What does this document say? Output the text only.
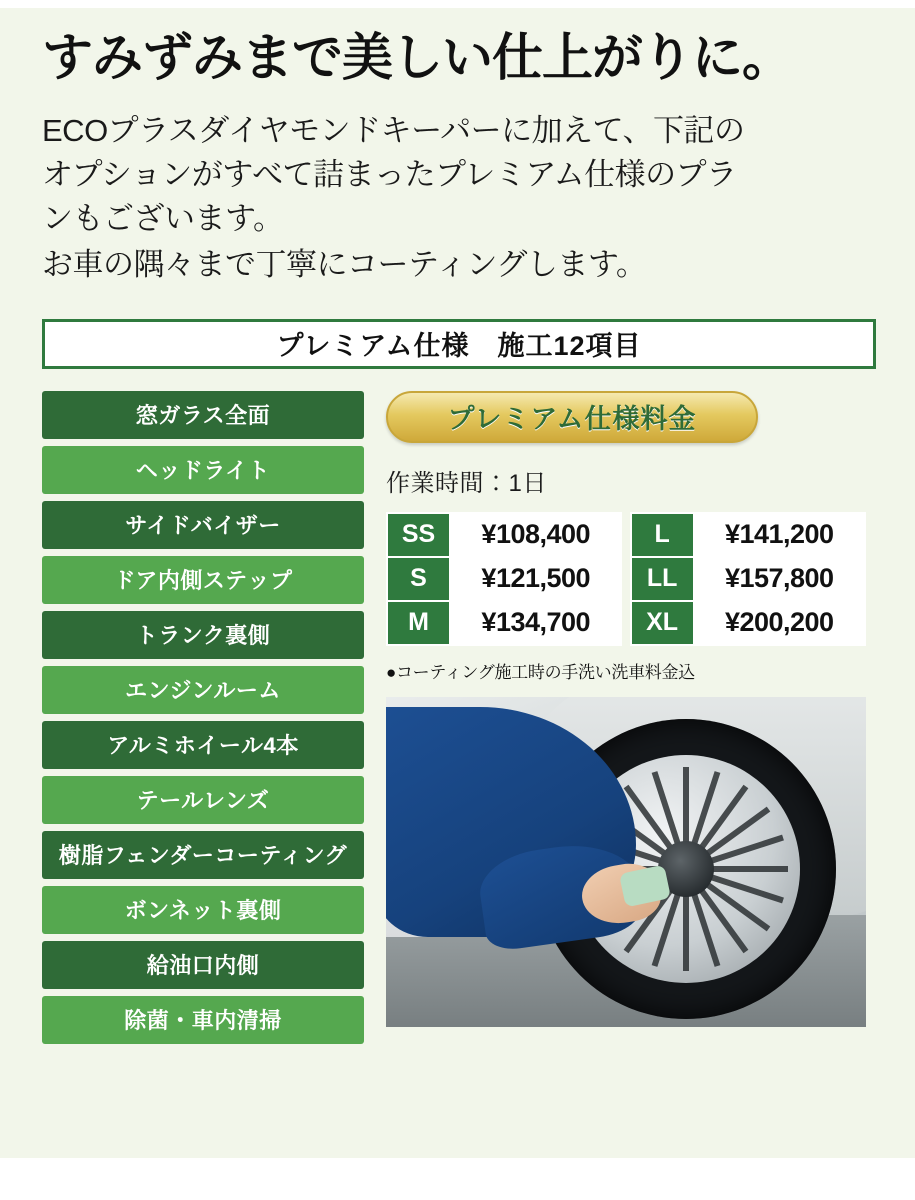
すみずみまで美しい仕上がりに。

ECOプラスダイヤモンドキーパーに加えて、下記の

オプションがすべて詰まったプレミアム仕様のプラ

ンもございます。

お車の隅々まで丁寧にコーティングします。

プレミアム仕様　施工12項目
窓ガラス全面
ヘッドライト
サイドバイザー
ドア内側ステップ
トランク裏側
エンジンルーム
アルミホイール4本
テールレンズ
樹脂フェンダーコーティング
ボンネット裏側
給油口内側
除菌・車内清掃
プレミアム仕様料金
作業時間：1日
SS	¥108,400		L	¥141,200
S	¥121,500		LL	¥157,800
M	¥134,700		XL	¥200,200
●コーティング施工時の手洗い洗車料金込
